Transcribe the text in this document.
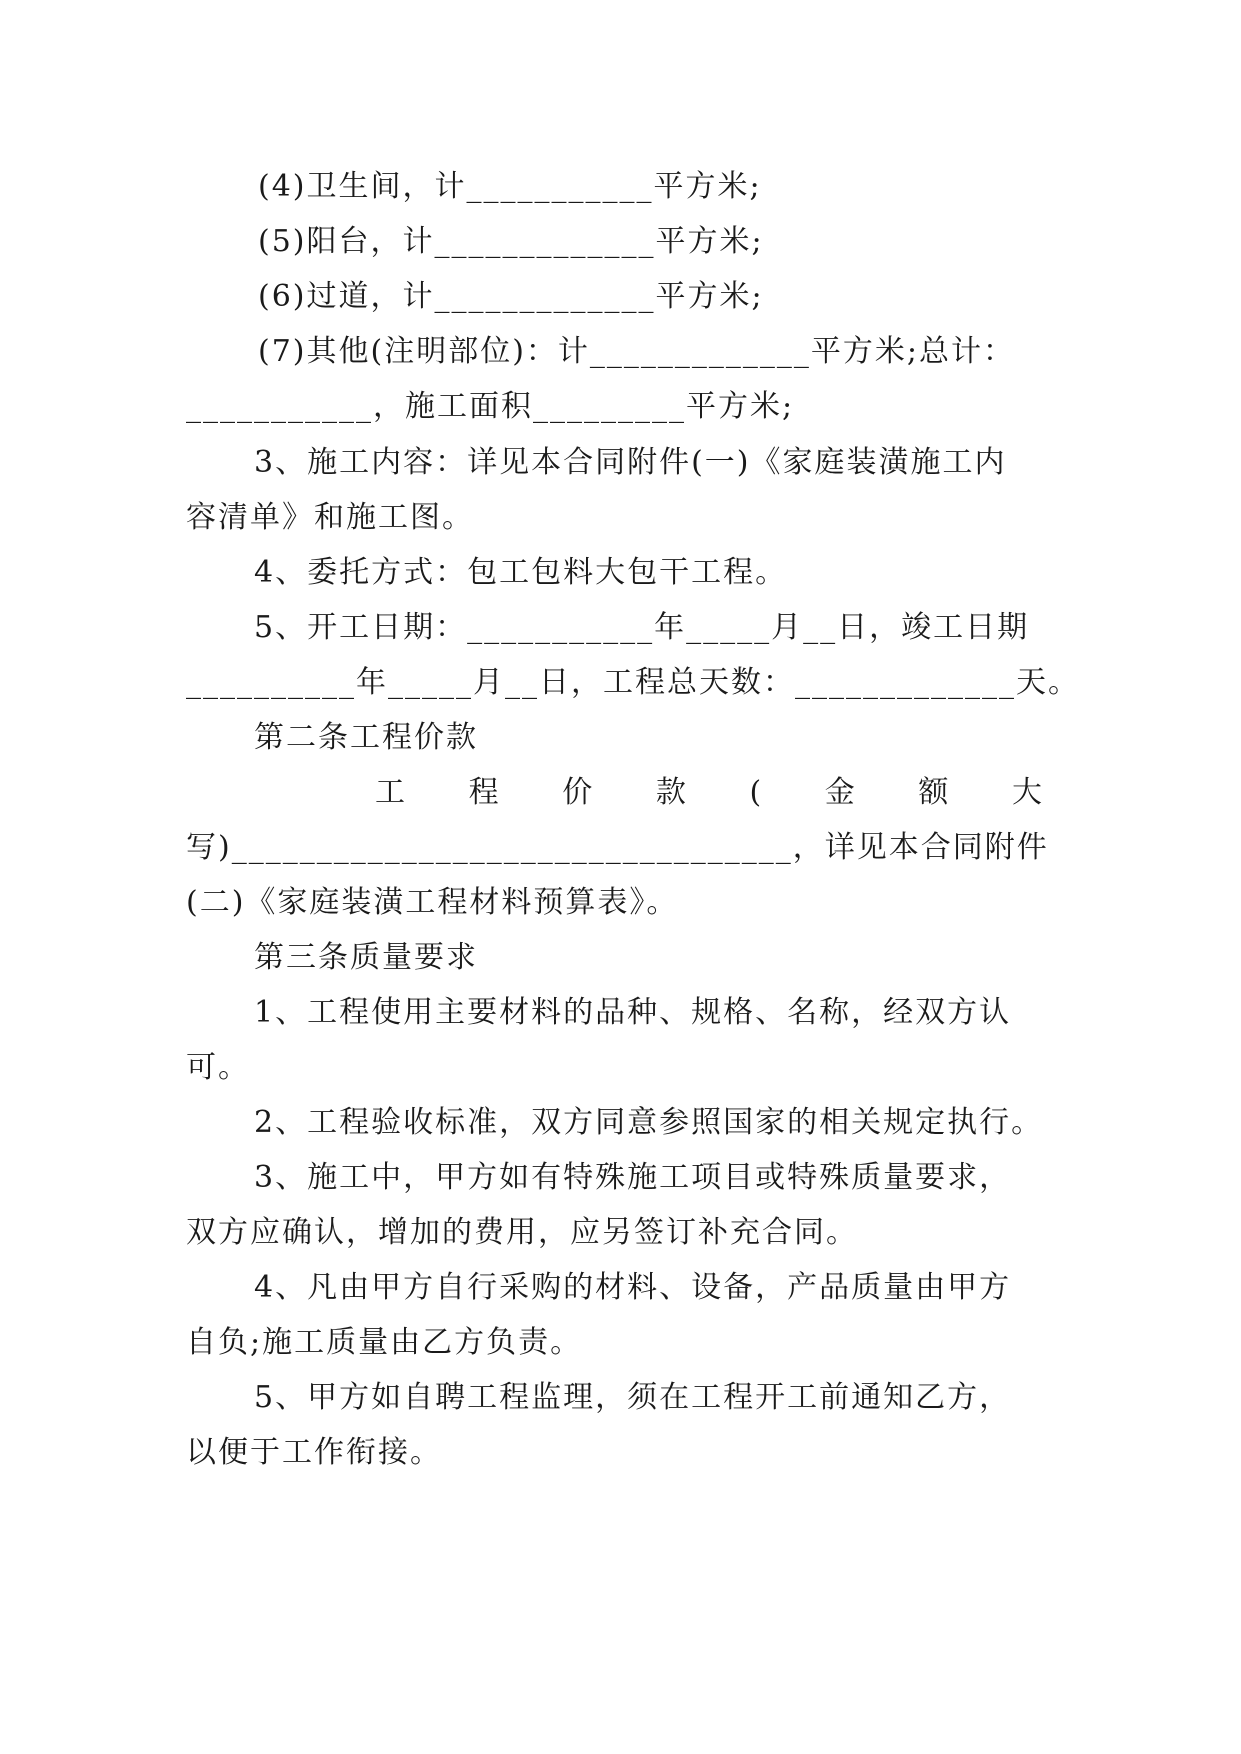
(4)卫生间，计___________平方米;
(5)阳台，计_____________平方米;
(6)过道，计_____________平方米;
(7)其他(注明部位)：计_____________平方米;总计：
___________，施工面积_________平方米;
3、施工内容：详见本合同附件(一)《家庭装潢施工内
容清单》和施工图。
4、委托方式：包工包料大包干工程。
5、开工日期：___________年_____月__日，竣工日期
__________年_____月__日，工程总天数：_____________天。
第二条工程价款
工 程 价 款 ( 金 额 大
写)_________________________________，详见本合同附件
(二)《家庭装潢工程材料预算表》。
第三条质量要求
1、工程使用主要材料的品种、规格、名称，经双方认
可。
2、工程验收标准，双方同意参照国家的相关规定执行。
3、施工中，甲方如有特殊施工项目或特殊质量要求，
双方应确认，增加的费用，应另签订补充合同。
4、凡由甲方自行采购的材料、设备，产品质量由甲方
自负;施工质量由乙方负责。
5、甲方如自聘工程监理，须在工程开工前通知乙方，
以便于工作衔接。
